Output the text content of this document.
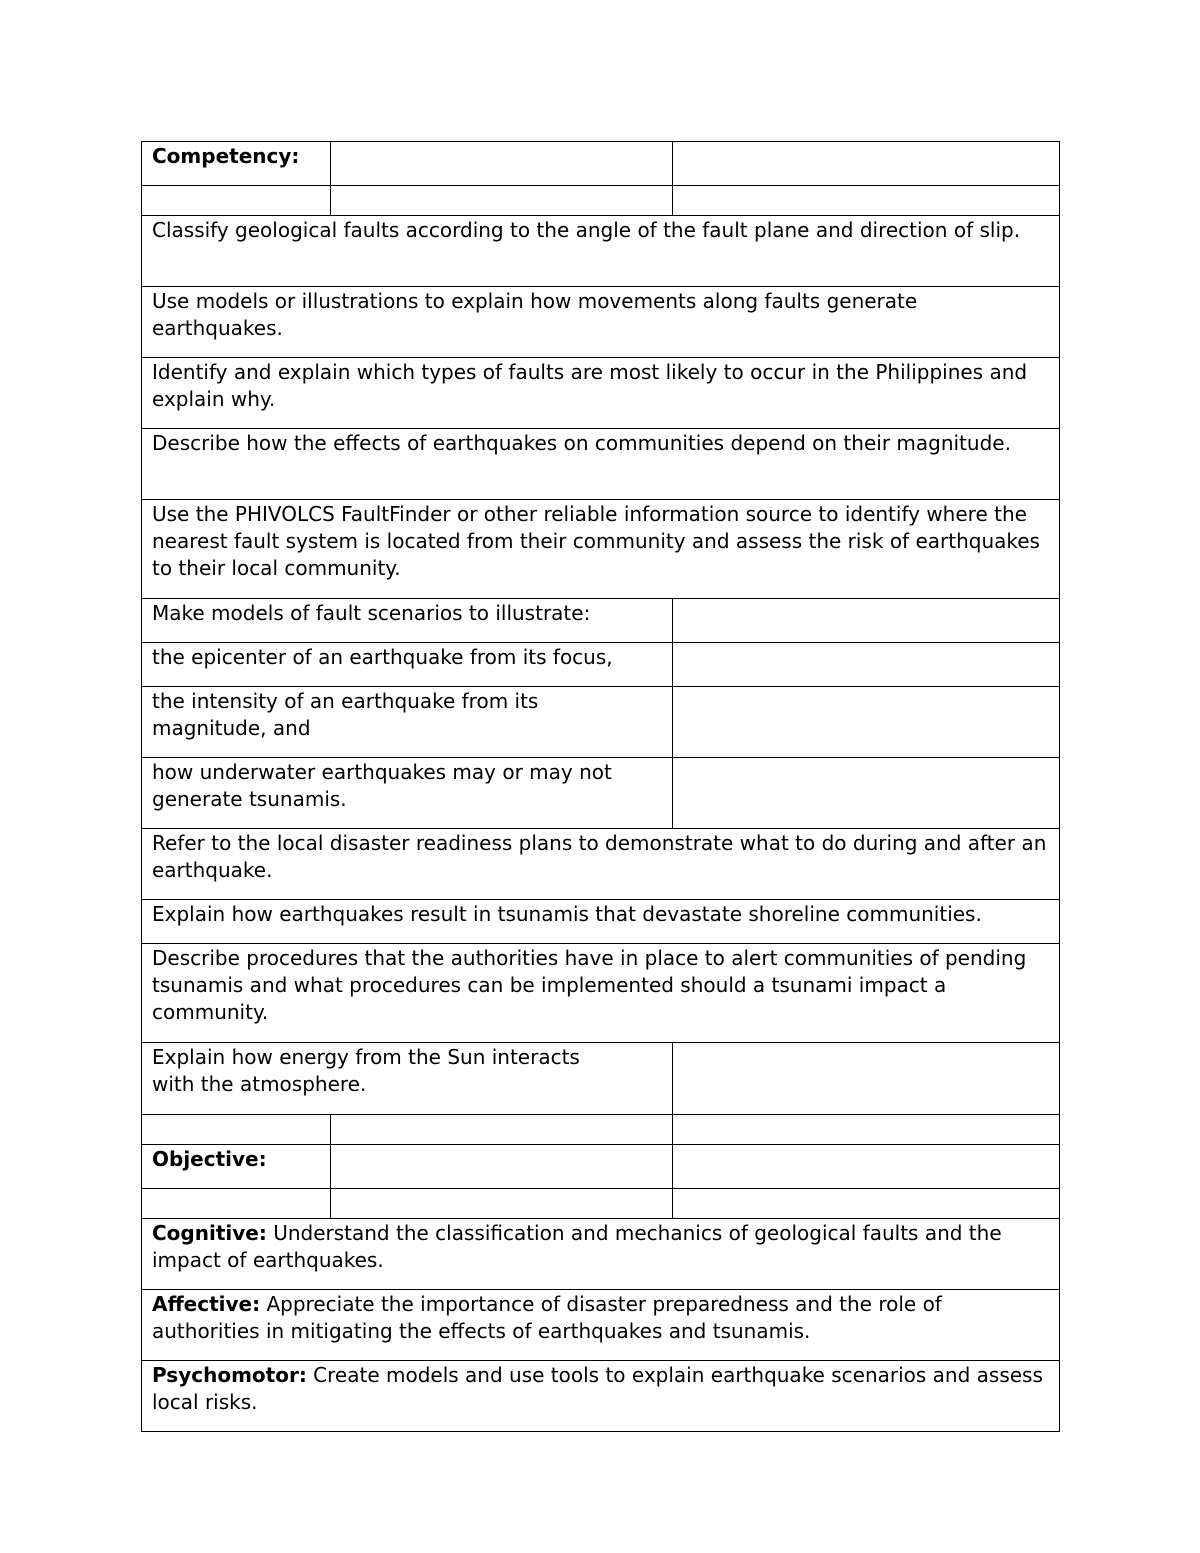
Competency:		

Classify geological faults according to the angle of the fault plane and direction of slip.		
Use models or illustrations to explain how movements along faults generate earthquakes.		
Identify and explain which types of faults are most likely to occur in the Philippines and explain why.		
Describe how the effects of earthquakes on communities depend on their magnitude.		
Use the PHIVOLCS FaultFinder or other reliable information source to identify where the nearest fault system is located from their community and assess the risk of earthquakes to their local community.		
Make models of fault scenarios to illustrate:		
the epicenter of an earthquake from its focus,		
the intensity of an earthquake from its magnitude, and		
how underwater earthquakes may or may not generate tsunamis.		
Refer to the local disaster readiness plans to demonstrate what to do during and after an earthquake.		
Explain how earthquakes result in tsunamis that devastate shoreline communities.		
Describe procedures that the authorities have in place to alert communities of pending tsunamis and what procedures can be implemented should a tsunami impact a community.		
Explain how energy from the Sun interacts with the atmosphere.		

Objective:		

Cognitive: Understand the classification and mechanics of geological faults and the impact of earthquakes.		
Affective: Appreciate the importance of disaster preparedness and the role of authorities in mitigating the effects of earthquakes and tsunamis.		
Psychomotor: Create models and use tools to explain earthquake scenarios and assess local risks.		
